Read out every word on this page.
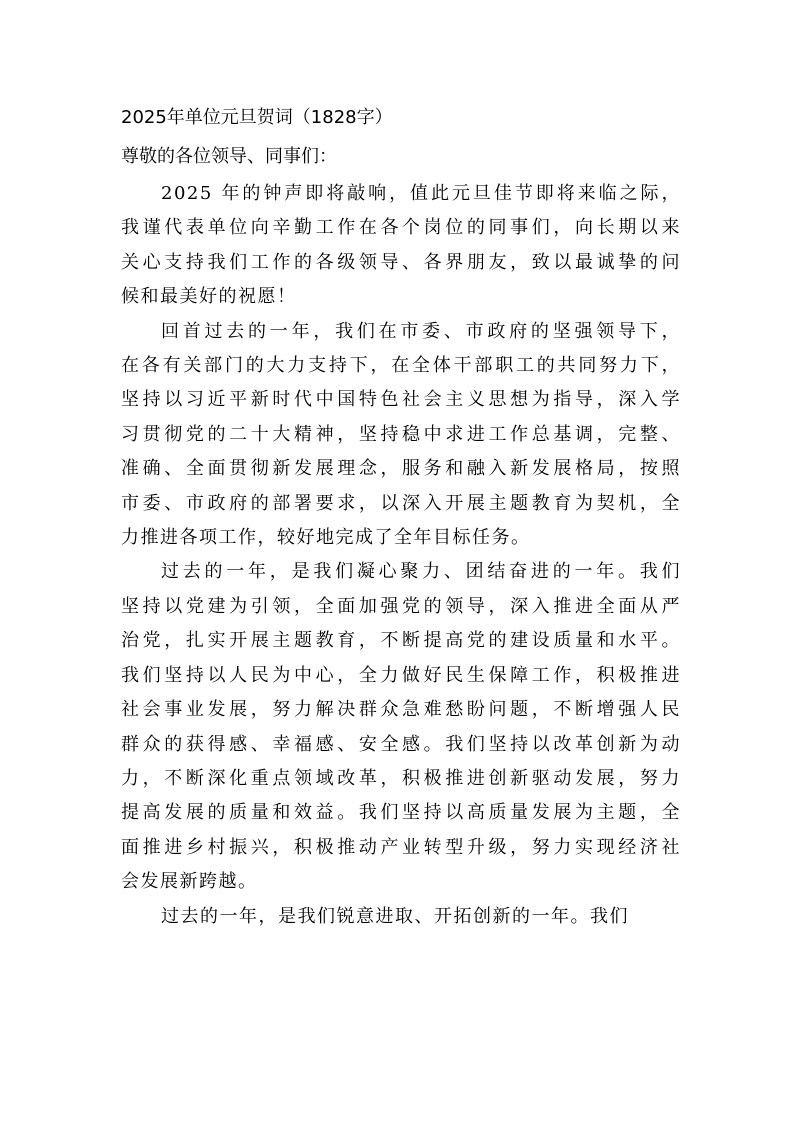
2025年单位元旦贺词（1828字）

尊敬的各位领导、同事们：

2025 年的钟声即将敲响，值此元旦佳节即将来临之际，
我谨代表单位向辛勤工作在各个岗位的同事们，向长期以来
关心支持我们工作的各级领导、各界朋友，致以最诚挚的问
候和最美好的祝愿！

回首过去的一年，我们在市委、市政府的坚强领导下，
在各有关部门的大力支持下，在全体干部职工的共同努力下，
坚持以习近平新时代中国特色社会主义思想为指导，深入学
习贯彻党的二十大精神，坚持稳中求进工作总基调，完整、
准确、全面贯彻新发展理念，服务和融入新发展格局，按照
市委、市政府的部署要求，以深入开展主题教育为契机，全
力推进各项工作，较好地完成了全年目标任务。

过去的一年，是我们凝心聚力、团结奋进的一年。我们
坚持以党建为引领，全面加强党的领导，深入推进全面从严
治党，扎实开展主题教育，不断提高党的建设质量和水平。
我们坚持以人民为中心，全力做好民生保障工作，积极推进
社会事业发展，努力解决群众急难愁盼问题，不断增强人民
群众的获得感、幸福感、安全感。我们坚持以改革创新为动
力，不断深化重点领域改革，积极推进创新驱动发展，努力
提高发展的质量和效益。我们坚持以高质量发展为主题，全
面推进乡村振兴，积极推动产业转型升级，努力实现经济社
会发展新跨越。

过去的一年，是我们锐意进取、开拓创新的一年。我们
